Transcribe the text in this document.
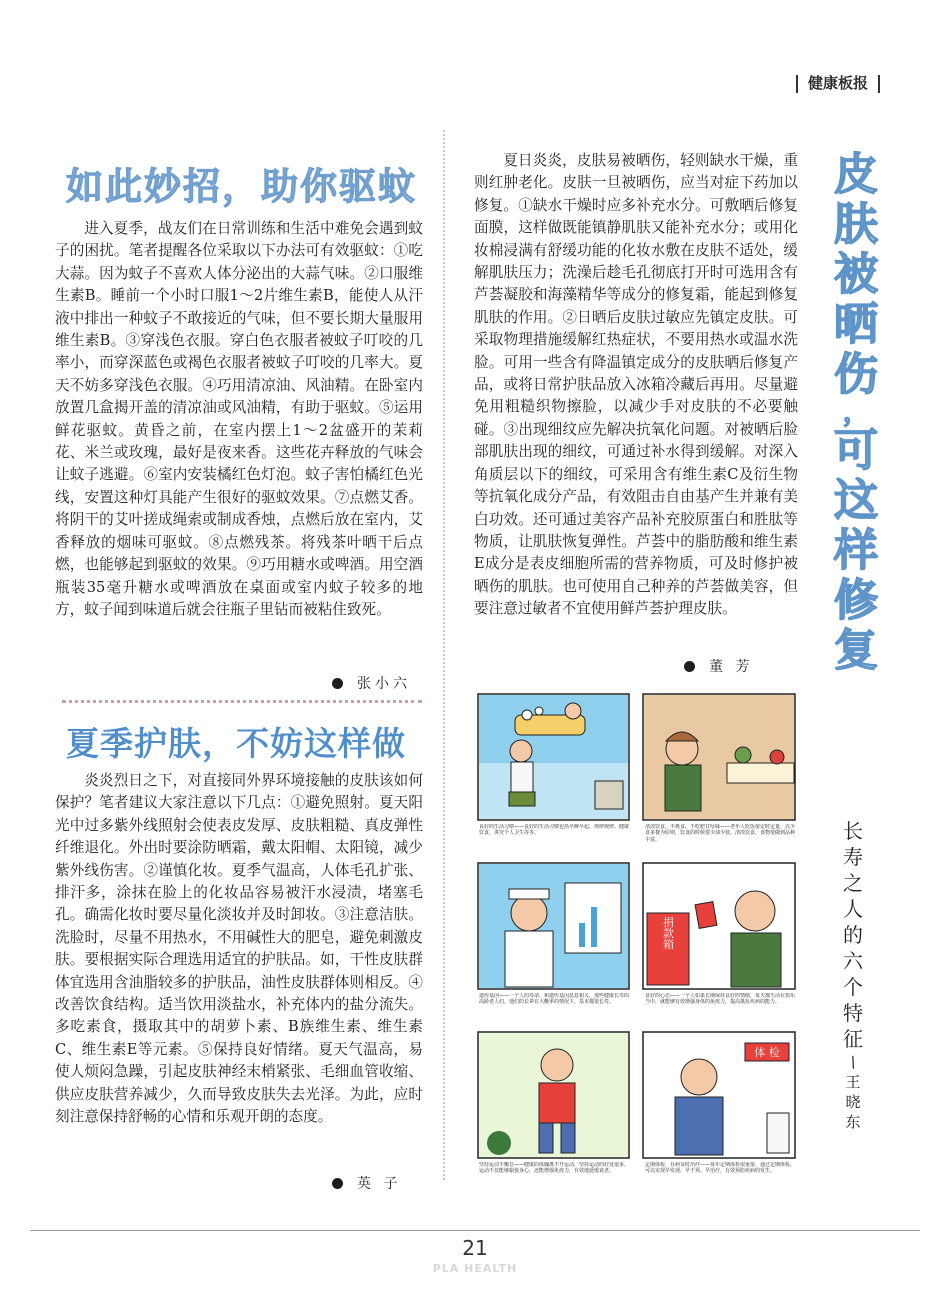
健康板报
如此妙招，助你驱蚊

进入夏季，战友们在日常训练和生活中难免会遇到蚊子的困扰。笔者提醒各位采取以下办法可有效驱蚊：①吃大蒜。因为蚊子不喜欢人体分泌出的大蒜气味。②口服维生素B。睡前一个小时口服1～2片维生素B，能使人从汗液中排出一种蚊子不敢接近的气味，但不要长期大量服用维生素B。③穿浅色衣服。穿白色衣服者被蚊子叮咬的几率小，而穿深蓝色或褐色衣服者被蚊子叮咬的几率大。夏天不妨多穿浅色衣服。④巧用清凉油、风油精。在卧室内放置几盒揭开盖的清凉油或风油精，有助于驱蚊。⑤运用鲜花驱蚊。黄昏之前，在室内摆上1～2盆盛开的茉莉花、米兰或玫瑰，最好是夜来香。这些花卉释放的气味会让蚊子逃避。⑥室内安装橘红色灯泡。蚊子害怕橘红色光线，安置这种灯具能产生很好的驱蚊效果。⑦点燃艾香。将阴干的艾叶搓成绳索或制成香烛，点燃后放在室内，艾香释放的烟味可驱蚊。⑧点燃残茶。将残茶叶晒干后点燃，也能够起到驱蚊的效果。⑨巧用糖水或啤酒。用空酒瓶装35毫升糖水或啤酒放在桌面或室内蚊子较多的地方，蚊子闻到味道后就会往瓶子里钻而被粘住致死。

张小六
夏季护肤，不妨这样做

炎炎烈日之下，对直接同外界环境接触的皮肤该如何保护？笔者建议大家注意以下几点：①避免照射。夏天阳光中过多紫外线照射会使表皮发厚、皮肤粗糙、真皮弹性纤维退化。外出时要涂防晒霜，戴太阳帽、太阳镜，减少紫外线伤害。②谨慎化妆。夏季气温高，人体毛孔扩张、排汗多，涂抹在脸上的化妆品容易被汗水浸渍，堵塞毛孔。确需化妆时要尽量化淡妆并及时卸妆。③注意洁肤。洗脸时，尽量不用热水，不用碱性大的肥皂，避免刺激皮肤。要根据实际合理选用适宜的护肤品。如，干性皮肤群体宜选用含油脂较多的护肤品，油性皮肤群体则相反。④改善饮食结构。适当饮用淡盐水，补充体内的盐分流失。多吃素食，摄取其中的胡萝卜素、B族维生素、维生素C、维生素E等元素。⑤保持良好情绪。夏天气温高，易使人烦闷急躁，引起皮肤神经末梢紧张、毛细血管收缩、供应皮肤营养减少，久而导致皮肤失去光泽。为此，应时刻注意保持舒畅的心情和乐观开朗的态度。

英 子

夏日炎炎，皮肤易被晒伤，轻则缺水干燥，重则红肿老化。皮肤一旦被晒伤，应当对症下药加以修复。①缺水干燥时应多补充水分。可敷晒后修复面膜，这样做既能镇静肌肤又能补充水分；或用化妆棉浸满有舒缓功能的化妆水敷在皮肤不适处，缓解肌肤压力；洗澡后趁毛孔彻底打开时可选用含有芦荟凝胶和海藻精华等成分的修复霜，能起到修复肌肤的作用。②日晒后皮肤过敏应先镇定皮肤。可采取物理措施缓解红热症状，不要用热水或温水洗脸。可用一些含有降温镇定成分的皮肤晒后修复产品，或将日常护肤品放入冰箱冷藏后再用。尽量避免用粗糙织物擦脸，以减少手对皮肤的不必要触碰。③出现细纹应先解决抗氧化问题。对被晒后脸部肌肤出现的细纹，可通过补水得到缓解。对深入角质层以下的细纹，可采用含有维生素C及衍生物等抗氧化成分产品，有效阻击自由基产生并兼有美白功效。还可通过美容产品补充胶原蛋白和胜肽等物质，让肌肤恢复弹性。芦荟中的脂肪酸和维生素E成分是表皮细胞所需的营养物质，可及时修护被晒伤的肌肤。也可使用自己种养的芦荟做美容，但要注意过敏者不宜使用鲜芦荟护理皮肤。

董 芳
皮
肤
被
晒
伤
，
可
这
样
修
复
长
寿
之
人
的
六
个
特
征
/
王
晓
东
捐款箱
体 检
良好的生活习惯——良好的生活习惯包括早睡早起、规律规律、健康饮食，讲究个人卫生等等。
清淡饮食，不挑食，不吃肥甘厚味——老年人吃饭要定时定量，以少食多餐为原则，饮食的时候要少油少盐，清淡饮食，食物要做到品种丰富。
遗传基因——一个人的寿命，和遗传基因息息相关，那些健康长寿的高龄老人们，他们的长辈在大概率的情况下，基本都很长寿。
良好的心态——一个人如果长期保持良好的情绪，每天都生活在快乐当中，就能够有效增强身体的免疫力，提高抵抗疾病的能力。
坚持运动不懈怠——健康的体魄离不开运动，坚持运动的好处很多，运动不仅能够愉悦身心，还能增强免疫力，有效地延缓衰老。
定期体检，有病及时治疗——每年定期体检很重要，通过定期体检，可以实现早发现、早干预、早治疗，有效预防疾病的发生。
21
PLA HEALTH
